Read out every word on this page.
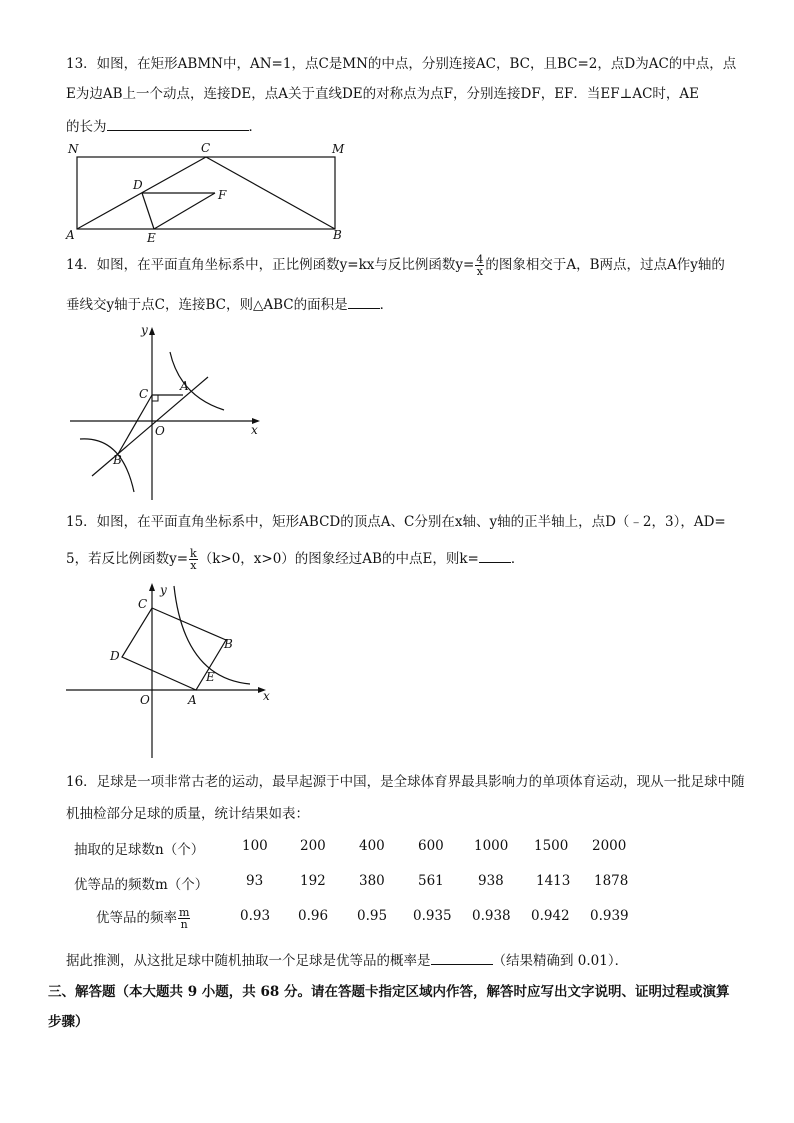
13．如图，在矩形ABMN中，AN=1，点C是MN的中点，分别连接AC，BC，且BC=2，点D为AC的中点，点
E为边AB上一个动点，连接DE，点A关于直线DE的对称点为点F，分别连接DF，EF．当EF⊥AC时，AE
的长为	．
N	C	M
D
F
A	E	B
14．如图，在平面直角坐标系中，正比例函数y=kx与反比例函数$y= \frac{4}{x}$ 的图象相交于A，B两点，过点A作y轴的
垂线交y轴于点C，连接BC，则△ABC的面积是 ．
y
x
C
A
O
B
15．如图，在平面直角坐标系中，矩形ABCD的顶点A、C分别在x轴、y轴的正半轴上，点D（﹣2，3），AD=
5，若反比例函数$y= \frac{k}{x} (k>0$，x>0）的图象经过AB的中点E，则k= ．
y
C
B
D
E
O	A	x
16．足球是一项非常古老的运动，最早起源于中国，是全球体育界最具影响力的单项体育运动，现从一批足球中随
机抽检部分足球的质量，统计结果如表：
抽取的足球数n（个）	100 200 400 600 1000 1500 2000
优等品的频数m（个）	93	192 380 561	938 1413 1878
优等品的频率 $\frac{m}{n}$	0.93 0.96 0.95 0.935 0.938 0.942 0.939
据此推测，从这批足球中随机抽取一个足球是优等品的概率是	（结果精确到 0.01）．
三、解答题（本大题共 9 小题，共 68 分。请在答题卡指定区域内作答，解答时应写出文字说明、证明过程或演算
步骤）
